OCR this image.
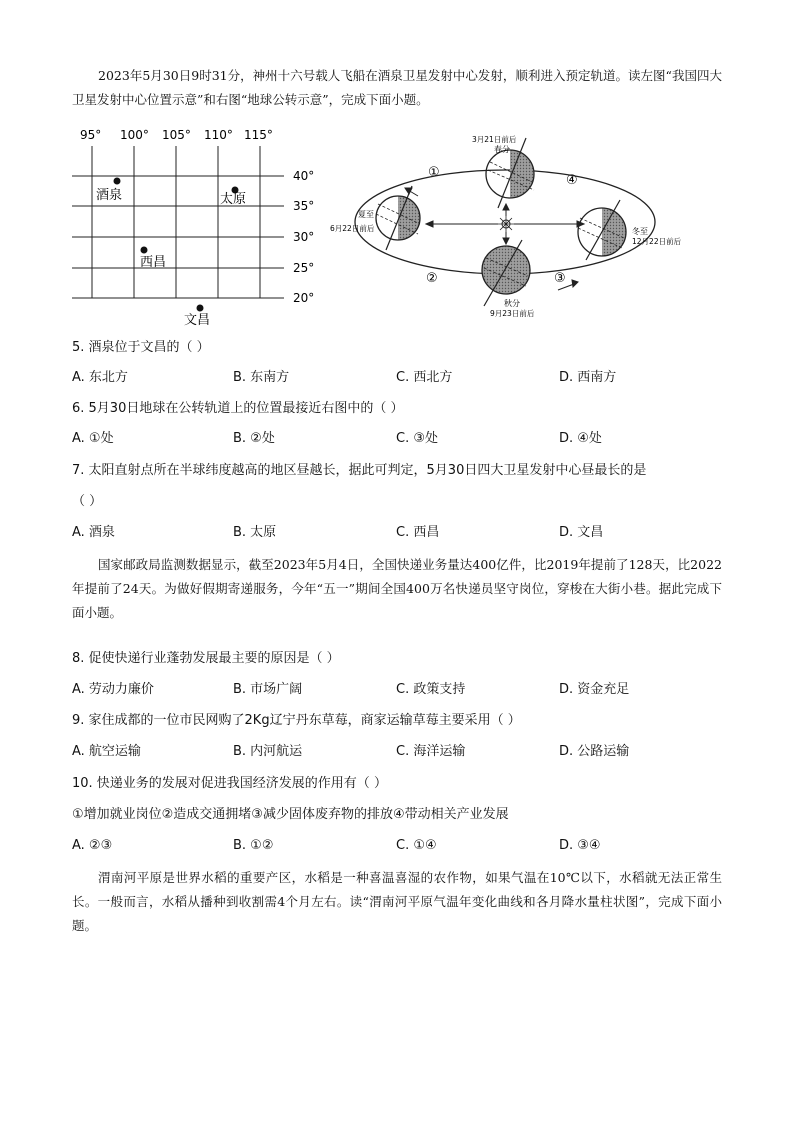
2023年5月30日9时31分，神州十六号载人飞船在酒泉卫星发射中心发射，顺利进入预定轨道。读左图“我国四大卫星发射中心位置示意”和右图“地球公转示意”，完成下面小题。

95° 100° 105° 110° 115°
40°
35°
30°
25°
20°
酒泉	太原
西昌
文昌
3月21日前后
春分
夏至
6月22日前后	冬至
12月22日前后
秋分
9月23日前后
①
②	③
④
5. 酒泉位于文昌的（ ）
A. 东北方	B. 东南方	C. 西北方	D. 西南方
6. 5月30日地球在公转轨道上的位置最接近右图中的（ ）
A. ①处	B. ②处	C. ③处	D. ④处
7. 太阳直射点所在半球纬度越高的地区昼越长，据此可判定，5月30日四大卫星发射中心昼最长的是
（ ）
A. 酒泉	B. 太原	C. 西昌	D. 文昌

国家邮政局监测数据显示，截至2023年5月4日，全国快递业务量达400亿件，比2019年提前了128天，比2022年提前了24天。为做好假期寄递服务，今年“五一”期间全国400万名快递员坚守岗位，穿梭在大街小巷。据此完成下面小题。

8. 促使快递行业蓬勃发展最主要的原因是（ ）
A. 劳动力廉价	B. 市场广阔	C. 政策支持	D. 资金充足
9. 家住成都的一位市民网购了2Kg辽宁丹东草莓，商家运输草莓主要采用（ ）
A. 航空运输	B. 内河航运	C. 海洋运输	D. 公路运输
10. 快递业务的发展对促进我国经济发展的作用有（ ）
①增加就业岗位②造成交通拥堵③减少固体废弃物的排放④带动相关产业发展
A. ②③	B. ①②	C. ①④	D. ③④

渭南河平原是世界水稻的重要产区，水稻是一种喜温喜湿的农作物，如果气温在10℃以下，水稻就无法正常生长。一般而言，水稻从播种到收割需4个月左右。读“渭南河平原气温年变化曲线和各月降水量柱状图”，完成下面小题。
